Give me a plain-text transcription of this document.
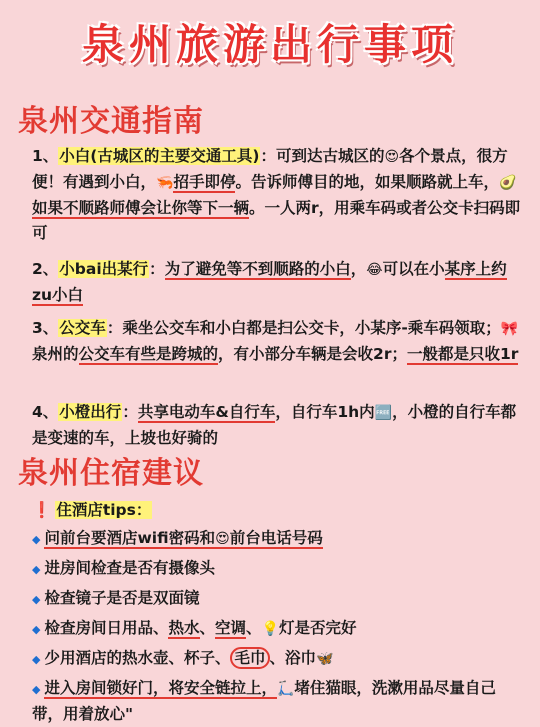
泉州旅游出行事项
泉州交通指南
1、小白(古城区的主要交通工具)：可到达古城区的😍各个景点，很方便！有遇到小白，🦐招手即停。告诉师傅目的地，如果顺路就上车，🥑如果不顺路师傅会让你等下一辆。一人两r，用乘车码或者公交卡扫码即可
2、小bai出某行：为了避免等不到顺路的小白，😂可以在小某序上约zu小白
3、公交车：乘坐公交车和小白都是扫公交卡，小某序-乘车码领取；🎀泉州的公交车有些是跨城的，有小部分车辆是会收2r；一般都是只收1r
4、小橙出行：共享电动车&自行车，自行车1h内🆓，小橙的自行车都是变速的车，上坡也好骑的
泉州住宿建议
❗ 住酒店tips：
◆ 问前台要酒店wifi密码和😍前台电话号码
◆ 进房间检查是否有摄像头
◆ 检查镜子是否是双面镜
◆ 检查房间日用品、热水、空调、💡灯是否完好
◆ 少用酒店的热水壶、杯子、 毛巾 、浴巾🦋
◆ 进入房间锁好门，将安全链拉上，🛴堵住猫眼，洗漱用品尽量自己带，用着放心"
